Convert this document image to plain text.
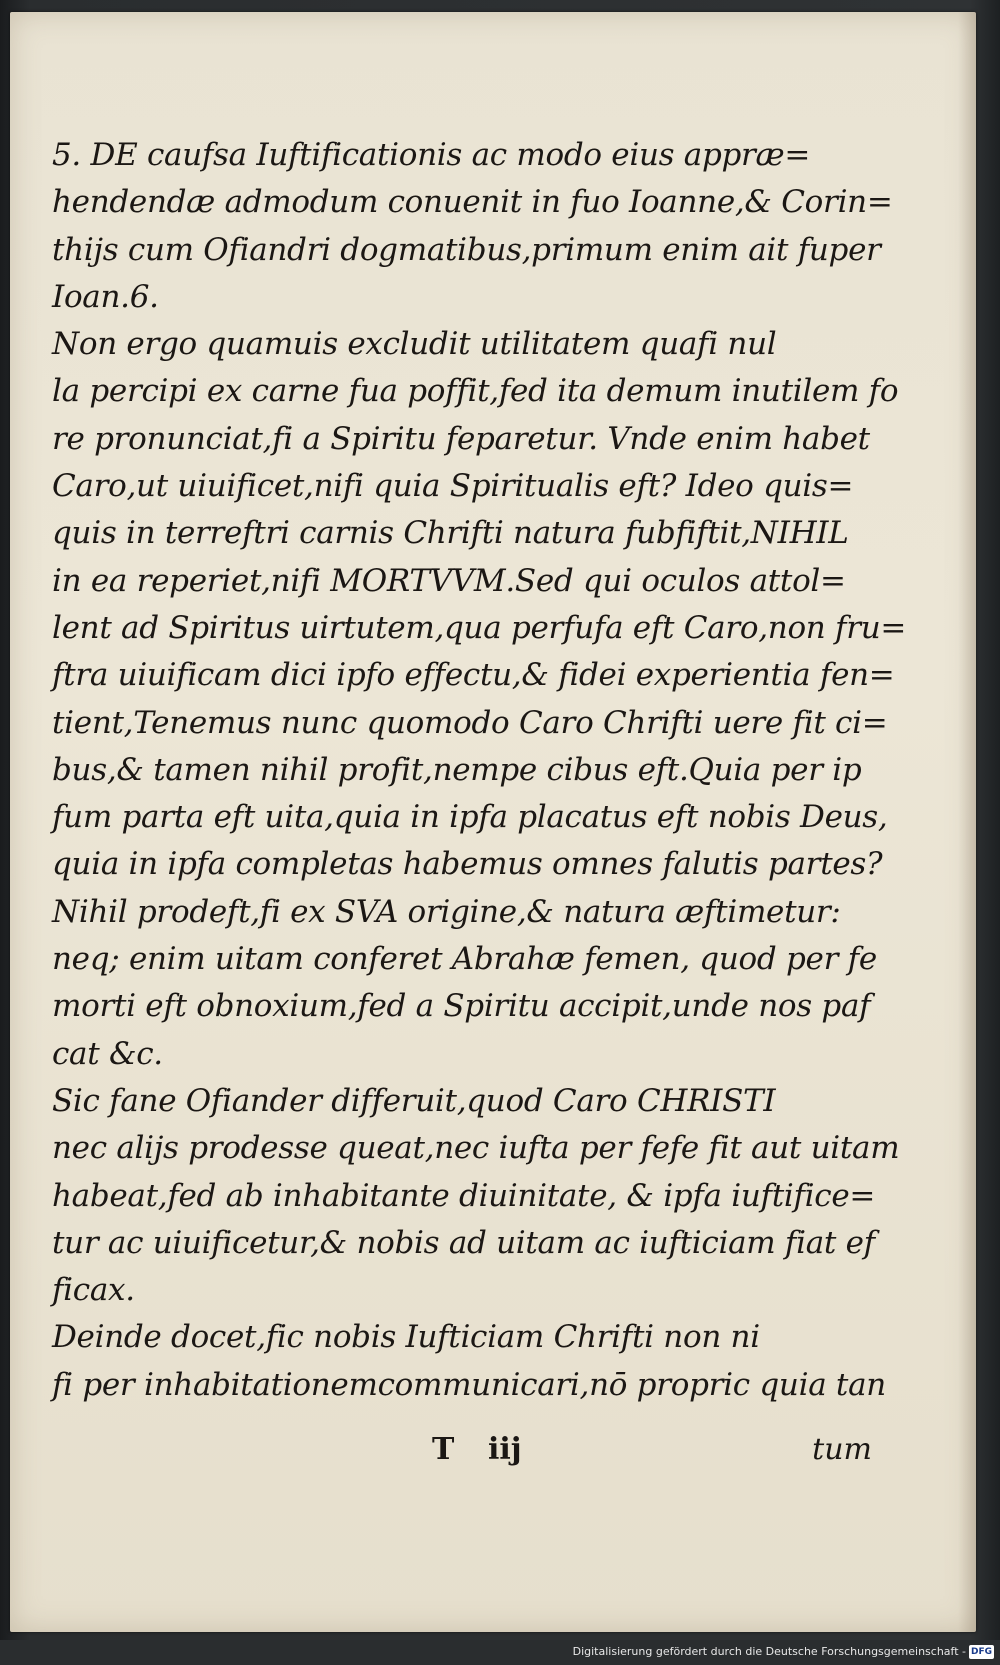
5. DE caufsa Iuftificationis ac modo eius appræ=
hendendæ admodum conuenit in fuo Ioanne,& Corin=
thijs cum Ofiandri dogmatibus,primum enim ait fuper
Ioan.6.
Non ergo quamuis excludit utilitatem quafi nul
la percipi ex carne fua poffit,fed ita demum inutilem fo
re pronunciat,fi a Spiritu feparetur. Vnde enim habet
Caro,ut uiuificet,nifi quia Spiritualis eft? Ideo quis=
quis in terreftri carnis Chrifti natura fubfiftit,NIHIL
in ea reperiet,nifi MORTVVM.Sed qui oculos attol=
lent ad Spiritus uirtutem,qua perfufa eft Caro,non fru=
ftra uiuificam dici ipfo effectu,& fidei experientia fen=
tient,Tenemus nunc quomodo Caro Chrifti uere fit ci=
bus,& tamen nihil profit,nempe cibus eft.Quia per ip
fum parta eft uita,quia in ipfa placatus eft nobis Deus,
quia in ipfa completas habemus omnes falutis partes?
Nihil prodeft,fi ex SVA origine,& natura æftimetur:
neq; enim uitam conferet Abrahæ femen, quod per fe
morti eft obnoxium,fed a Spiritu accipit,unde nos paf
cat &c.
Sic fane Ofiander differuit,quod Caro CHRISTI
nec alijs prodesse queat,nec iufta per fefe fit aut uitam
habeat,fed ab inhabitante diuinitate, & ipfa iuftifice=
tur ac uiuificetur,& nobis ad uitam ac iufticiam fiat ef
ficax.
Deinde docet,fic nobis Iufticiam Chrifti non ni
fi per inhabitationemcommunicari,nō propric quia tan
T iij	tum
Digitalisierung gefördert durch die Deutsche Forschungsgemeinschaft - DFG
